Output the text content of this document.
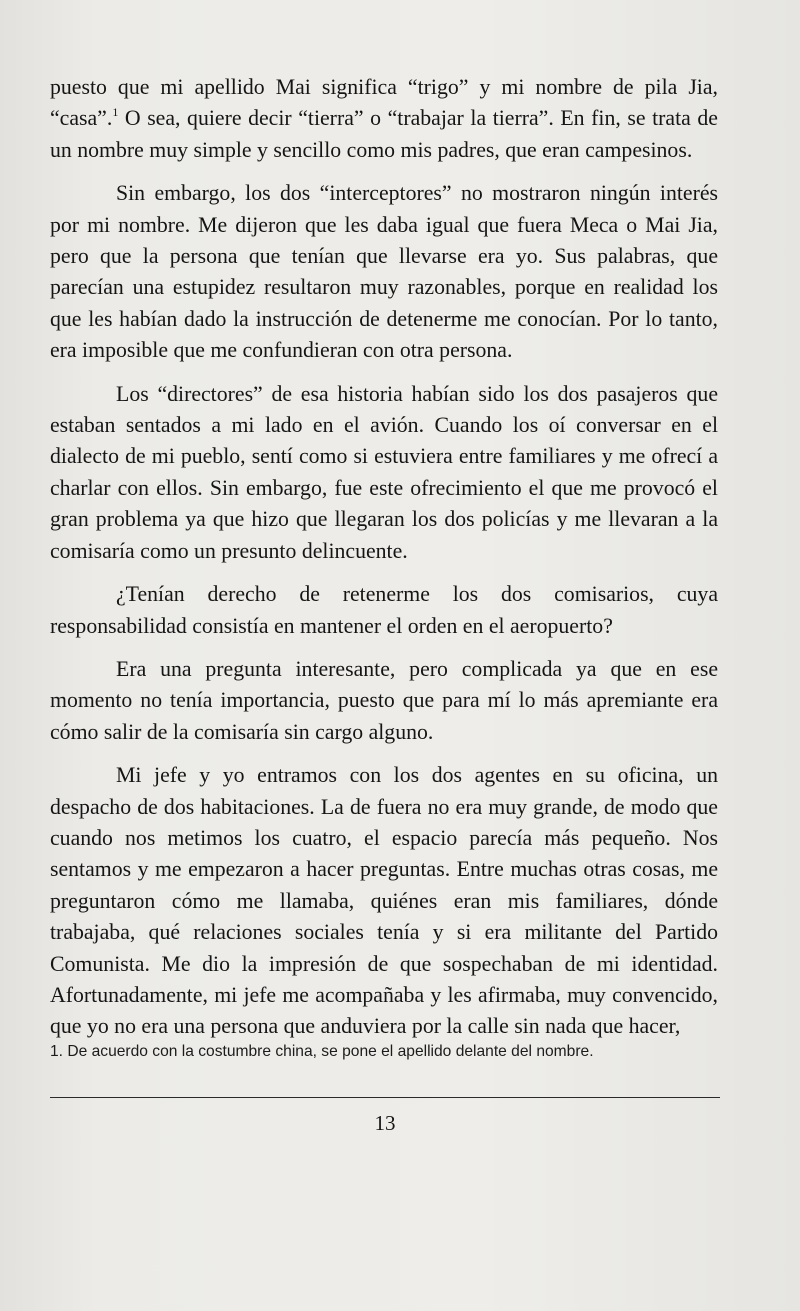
puesto que mi apellido Mai significa “trigo” y mi nombre de pila Jia, “casa”.$^1$ O sea, quiere decir “tierra” o “trabajar la tierra”. En fin, se trata de un nombre muy simple y sencillo como mis padres, que eran campesinos.

Sin embargo, los dos “interceptores” no mostraron ningún interés por mi nombre. Me dijeron que les daba igual que fuera Meca o Mai Jia, pero que la persona que tenían que llevarse era yo. Sus palabras, que parecían una estupidez resultaron muy razonables, porque en realidad los que les habían dado la instrucción de detenerme me conocían. Por lo tanto, era imposible que me confundieran con otra persona.

Los “directores” de esa historia habían sido los dos pasajeros que estaban sentados a mi lado en el avión. Cuando los oí conversar en el dialecto de mi pueblo, sentí como si estuviera entre familiares y me ofrecí a charlar con ellos. Sin embargo, fue este ofrecimiento el que me provocó el gran problema ya que hizo que llegaran los dos policías y me llevaran a la comisaría como un presunto delincuente.

¿Tenían derecho de retenerme los dos comisarios, cuya responsabilidad consistía en mantener el orden en el aeropuerto?

Era una pregunta interesante, pero complicada ya que en ese momento no tenía importancia, puesto que para mí lo más apremiante era cómo salir de la comisaría sin cargo alguno.

Mi jefe y yo entramos con los dos agentes en su oficina, un despacho de dos habitaciones. La de fuera no era muy grande, de modo que cuando nos metimos los cuatro, el espacio parecía más pequeño. Nos sentamos y me empezaron a hacer preguntas. Entre muchas otras cosas, me preguntaron cómo me llamaba, quiénes eran mis familiares, dónde trabajaba, qué relaciones sociales tenía y si era militante del Partido Comunista. Me dio la impresión de que sospechaban de mi identidad. Afortunadamente, mi jefe me acompañaba y les afirmaba, muy convencido, que yo no era una persona que anduviera por la calle sin nada que hacer,

1. De acuerdo con la costumbre china, se pone el apellido delante del nombre.
13
